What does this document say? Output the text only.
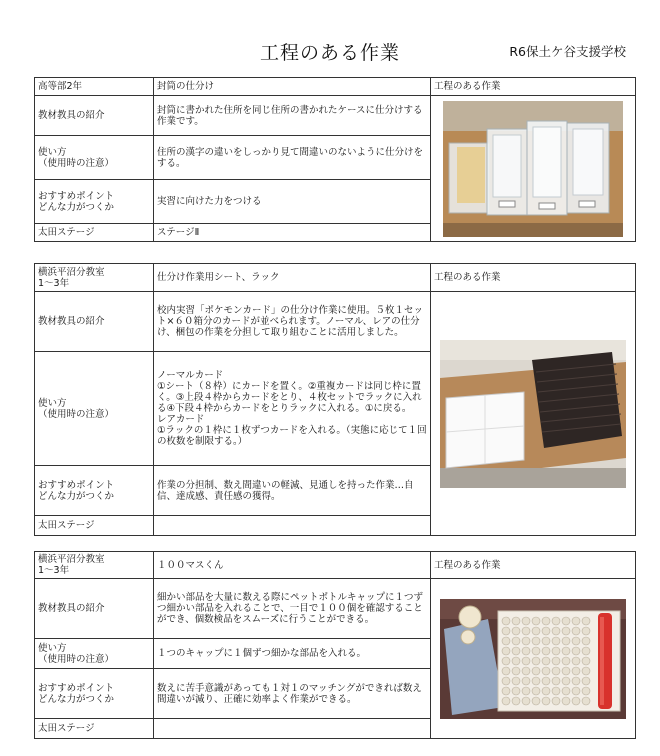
工程のある作業	R6保土ケ谷支援学校
高等部2年	封筒の仕分け	工程のある作業
教材教具の紹介	封筒に書かれた住所を同じ住所の書かれたケースに仕分けする作業です。	

使い方
（使用時の注意）	住所の漢字の違いをしっかり見て間違いのないように仕分けをする。	
おすすめポイント
どんな力がつくか	実習に向けた力をつける	
太田ステージ	ステージⅡ	
横浜平沼分教室
1～3年	仕分け作業用シート、ラック	工程のある作業
教材教具の紹介	校内実習「ポケモンカード」の仕分け作業に使用。５枚１セット×６０箱分のカードが並べられます。ノーマル、レアの仕分け、梱包の作業を分担して取り組むことに活用しました。	

使い方
（使用時の注意）	ノーマルカード
①シート（８枠）にカードを置く。②重複カードは同じ枠に置く。③上段４枠からカードをとり、４枚セットでラックに入れる④下段４枠からカードをとりラックに入れる。①に戻る。
レアカード
①ラックの１枠に１枚ずつカードを入れる。（実態に応じて１回の枚数を制限する。）	
おすすめポイント
どんな力がつくか	作業の分担制、数え間違いの軽減、見通しを持った作業…自信、達成感、責任感の獲得。	
太田ステージ		
横浜平沼分教室
1～3年	１００マスくん	工程のある作業
教材教具の紹介	細かい部品を大量に数える際にペットボトルキャップに１つずつ細かい部品を入れることで、一目で１００個を確認することができ、個数検品をスムーズに行うことができる。	

使い方
（使用時の注意）	１つのキャップに１個ずつ細かな部品を入れる。	
おすすめポイント
どんな力がつくか	数えに苦手意識があっても１対１のマッチングができれば数え間違いが減り、正確に効率よく作業ができる。	
太田ステージ		
